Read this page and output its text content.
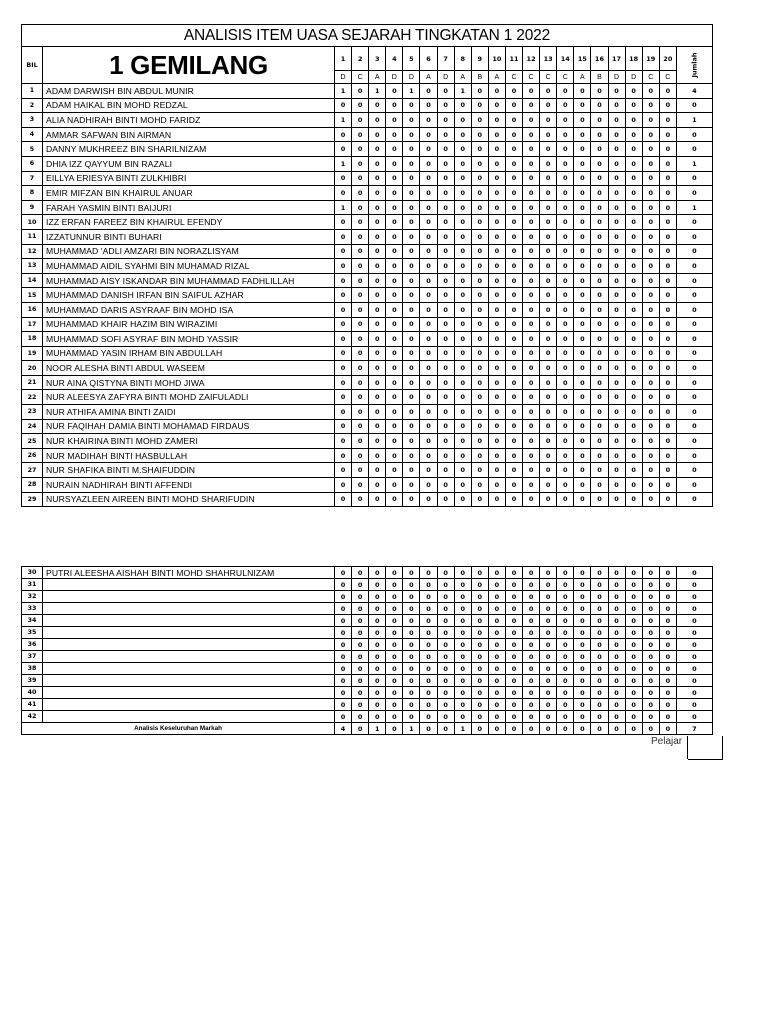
ANALISIS ITEM UASA SEJARAH TINGKATAN 1 2022																						
BIL	1 GEMILANG	1	2	3	4	5	6	7	8	9	10	11	12	13	14	15	16	17	18	19	20	Jumlah
		D	C	A	D	D	A	D	A	B	A	C	C	C	C	A	B	D	D	C	C	
1	ADAM DARWISH BIN ABDUL MUNIR	1	0	1	0	1	0	0	1	0	0	0	0	0	0	0	0	0	0	0	0	4
2	ADAM HAIKAL BIN MOHD REDZAL	0	0	0	0	0	0	0	0	0	0	0	0	0	0	0	0	0	0	0	0	0
3	ALIA NADHIRAH BINTI MOHD FARIDZ	1	0	0	0	0	0	0	0	0	0	0	0	0	0	0	0	0	0	0	0	1
4	AMMAR SAFWAN BIN AIRMAN	0	0	0	0	0	0	0	0	0	0	0	0	0	0	0	0	0	0	0	0	0
5	DANNY MUKHREEZ BIN SHARILNIZAM	0	0	0	0	0	0	0	0	0	0	0	0	0	0	0	0	0	0	0	0	0
6	DHIA IZZ QAYYUM BIN RAZALI	1	0	0	0	0	0	0	0	0	0	0	0	0	0	0	0	0	0	0	0	1
7	EILLYA ERIESYA BINTI ZULKHIBRI	0	0	0	0	0	0	0	0	0	0	0	0	0	0	0	0	0	0	0	0	0
8	EMIR MIFZAN BIN KHAIRUL ANUAR	0	0	0	0	0	0	0	0	0	0	0	0	0	0	0	0	0	0	0	0	0
9	FARAH YASMIN BINTI BAIJURI	1	0	0	0	0	0	0	0	0	0	0	0	0	0	0	0	0	0	0	0	1
10	IZZ ERFAN FAREEZ BIN KHAIRUL EFENDY	0	0	0	0	0	0	0	0	0	0	0	0	0	0	0	0	0	0	0	0	0
11	IZZATUNNUR BINTI BUHARI	0	0	0	0	0	0	0	0	0	0	0	0	0	0	0	0	0	0	0	0	0
12	MUHAMMAD 'ADLI AMZARI BIN NORAZLISYAM	0	0	0	0	0	0	0	0	0	0	0	0	0	0	0	0	0	0	0	0	0
13	MUHAMMAD AIDIL SYAHMI BIN MUHAMAD RIZAL	0	0	0	0	0	0	0	0	0	0	0	0	0	0	0	0	0	0	0	0	0
14	MUHAMMAD AISY ISKANDAR BIN MUHAMMAD FADHLILLAH	0	0	0	0	0	0	0	0	0	0	0	0	0	0	0	0	0	0	0	0	0
15	MUHAMMAD DANISH IRFAN BIN SAIFUL AZHAR	0	0	0	0	0	0	0	0	0	0	0	0	0	0	0	0	0	0	0	0	0
16	MUHAMMAD DARIS ASYRAAF BIN MOHD ISA	0	0	0	0	0	0	0	0	0	0	0	0	0	0	0	0	0	0	0	0	0
17	MUHAMMAD KHAIR HAZIM BIN WIRAZIMI	0	0	0	0	0	0	0	0	0	0	0	0	0	0	0	0	0	0	0	0	0
18	MUHAMMAD SOFI ASYRAF BIN MOHD YASSIR	0	0	0	0	0	0	0	0	0	0	0	0	0	0	0	0	0	0	0	0	0
19	MUHAMMAD YASIN IRHAM BIN ABDULLAH	0	0	0	0	0	0	0	0	0	0	0	0	0	0	0	0	0	0	0	0	0
20	NOOR ALESHA BINTI ABDUL WASEEM	0	0	0	0	0	0	0	0	0	0	0	0	0	0	0	0	0	0	0	0	0
21	NUR AINA QISTYNA BINTI MOHD JIWA	0	0	0	0	0	0	0	0	0	0	0	0	0	0	0	0	0	0	0	0	0
22	NUR ALEESYA ZAFYRA BINTI MOHD ZAIFULADLI	0	0	0	0	0	0	0	0	0	0	0	0	0	0	0	0	0	0	0	0	0
23	NUR ATHIFA AMINA BINTI ZAIDI	0	0	0	0	0	0	0	0	0	0	0	0	0	0	0	0	0	0	0	0	0
24	NUR FAQIHAH DAMIA BINTI MOHAMAD FIRDAUS	0	0	0	0	0	0	0	0	0	0	0	0	0	0	0	0	0	0	0	0	0
25	NUR KHAIRINA BINTI MOHD ZAMERI	0	0	0	0	0	0	0	0	0	0	0	0	0	0	0	0	0	0	0	0	0
26	NUR MADIHAH BINTI HASBULLAH	0	0	0	0	0	0	0	0	0	0	0	0	0	0	0	0	0	0	0	0	0
27	NUR SHAFIKA BINTI M.SHAIFUDDIN	0	0	0	0	0	0	0	0	0	0	0	0	0	0	0	0	0	0	0	0	0
28	NURAIN NADHIRAH BINTI AFFENDI	0	0	0	0	0	0	0	0	0	0	0	0	0	0	0	0	0	0	0	0	0
29	NURSYAZLEEN AIREEN BINTI MOHD SHARIFUDIN	0	0	0	0	0	0	0	0	0	0	0	0	0	0	0	0	0	0	0	0	0
30	PUTRI ALEESHA AISHAH BINTI MOHD SHAHRULNIZAM	0	0	0	0	0	0	0	0	0	0	0	0	0	0	0	0	0	0	0	0	0
31		0	0	0	0	0	0	0	0	0	0	0	0	0	0	0	0	0	0	0	0	0
32		0	0	0	0	0	0	0	0	0	0	0	0	0	0	0	0	0	0	0	0	0
33		0	0	0	0	0	0	0	0	0	0	0	0	0	0	0	0	0	0	0	0	0
34		0	0	0	0	0	0	0	0	0	0	0	0	0	0	0	0	0	0	0	0	0
35		0	0	0	0	0	0	0	0	0	0	0	0	0	0	0	0	0	0	0	0	0
36		0	0	0	0	0	0	0	0	0	0	0	0	0	0	0	0	0	0	0	0	0
37		0	0	0	0	0	0	0	0	0	0	0	0	0	0	0	0	0	0	0	0	0
38		0	0	0	0	0	0	0	0	0	0	0	0	0	0	0	0	0	0	0	0	0
39		0	0	0	0	0	0	0	0	0	0	0	0	0	0	0	0	0	0	0	0	0
40		0	0	0	0	0	0	0	0	0	0	0	0	0	0	0	0	0	0	0	0	0
41		0	0	0	0	0	0	0	0	0	0	0	0	0	0	0	0	0	0	0	0	0
42		0	0	0	0	0	0	0	0	0	0	0	0	0	0	0	0	0	0	0	0	0
Analisis Keseluruhan Markah		4	0	1	0	1	0	0	1	0	0	0	0	0	0	0	0	0	0	0	0	7
Pelajar
